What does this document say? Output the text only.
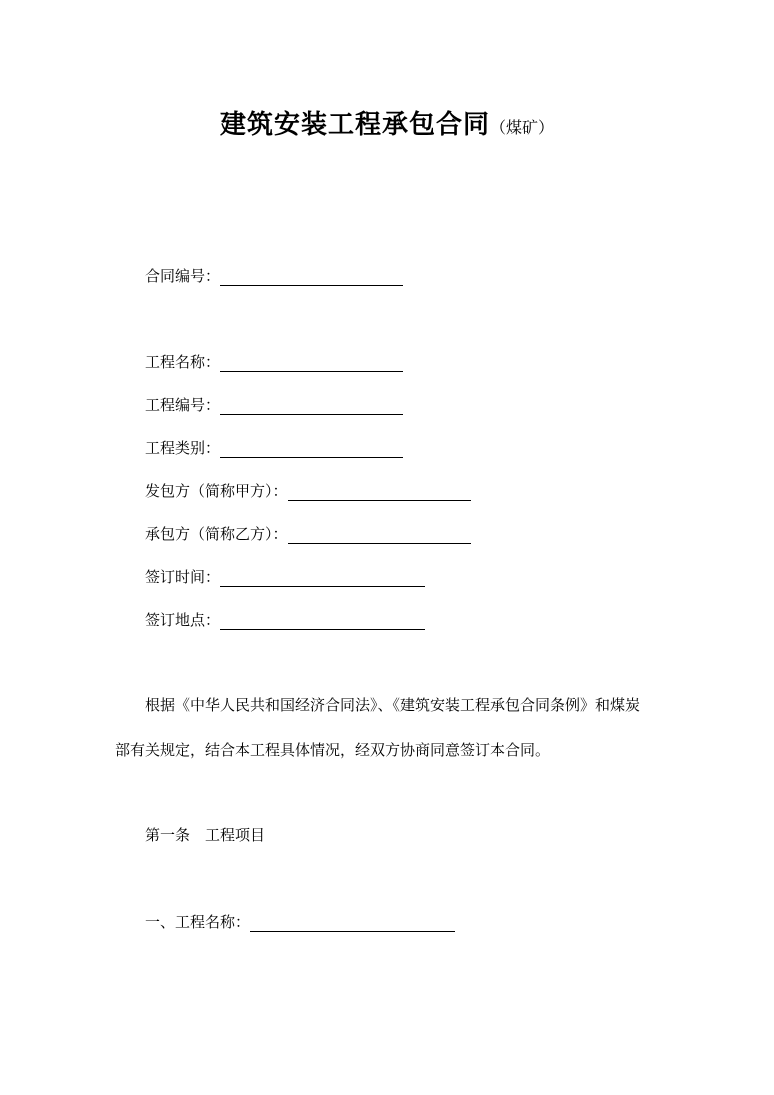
建筑安装工程承包合同（煤矿）
合同编号：
工程名称：
工程编号：
工程类别：
发包方（简称甲方）：
承包方（简称乙方）：
签订时间：
签订地点：
根据《中华人民共和国经济合同法》、《建筑安装工程承包合同条例》和煤炭
部有关规定，结合本工程具体情况，经双方协商同意签订本合同。
第一条　工程项目
一、工程名称：
